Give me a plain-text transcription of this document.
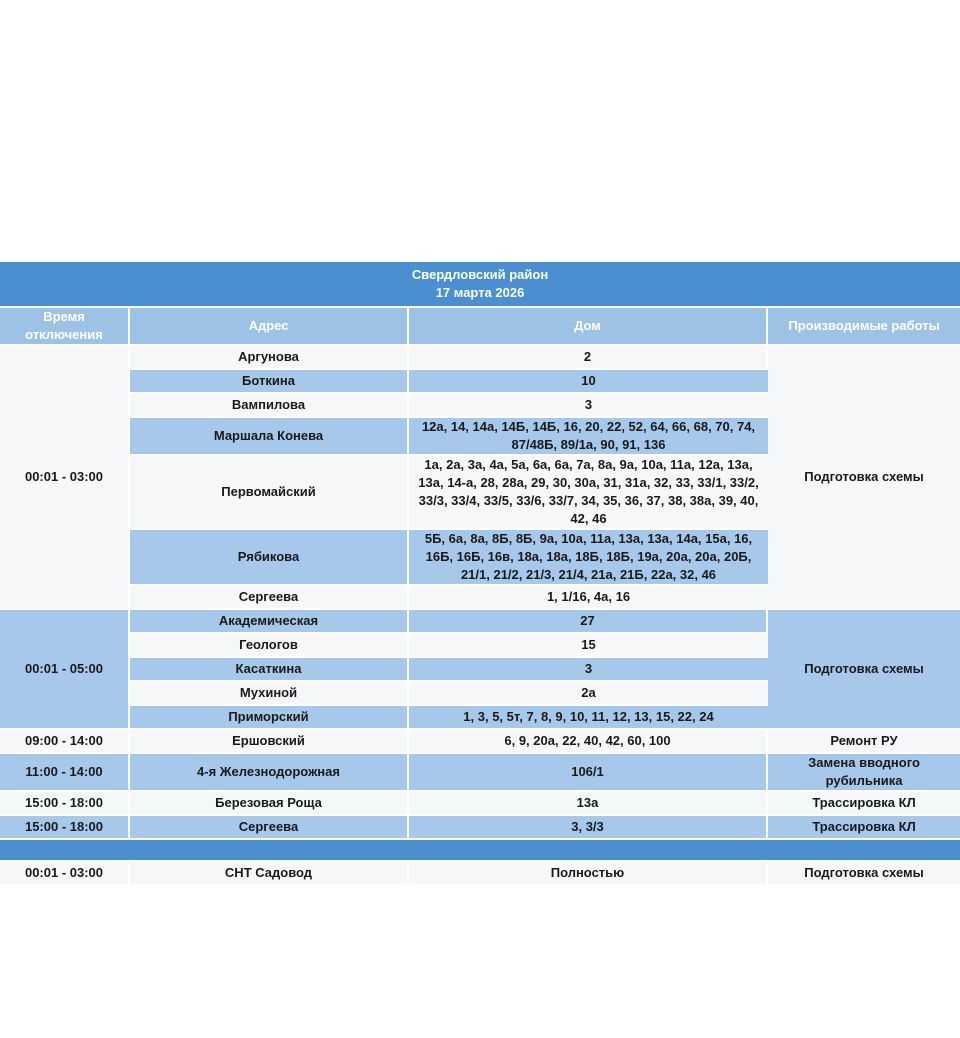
Свердловский район
17 марта 2026			

Время отключения	Адрес	Дом	Производимые работы
00:01 - 03:00	Аргунова	2	Подготовка схемы
	Боткина	10	
	Вампилова	3	
	Маршала Конева	12а, 14, 14а, 14Б, 14Б, 16, 20, 22, 52, 64, 66, 68, 70, 74, 87/48Б, 89/1а, 90, 91, 136	
	Первомайский	1а, 2а, 3а, 4а, 5а, 6а, 6а, 7а, 8а, 9а, 10а, 11а, 12а, 13а, 13а, 14-а, 28, 28а, 29, 30, 30а, 31, 31а, 32, 33, 33/1, 33/2, 33/3, 33/4, 33/5, 33/6, 33/7, 34, 35, 36, 37, 38, 38а, 39, 40, 42, 46	
	Рябикова	5Б, 6а, 8а, 8Б, 8Б, 9а, 10а, 11а, 13а, 13а, 14а, 15а, 16, 16Б, 16Б, 16в, 18а, 18а, 18Б, 18Б, 19а, 20а, 20а, 20Б, 21/1, 21/2, 21/3, 21/4, 21а, 21Б, 22а, 32, 46	
	Сергеева	1, 1/16, 4а, 16	
00:01 - 05:00	Академическая	27	Подготовка схемы
	Геологов	15	
	Касаткина	3	
	Мухиной	2а	
	Приморский	1, 3, 5, 5т, 7, 8, 9, 10, 11, 12, 13, 15, 22, 24	
09:00 - 14:00	Ершовский	6, 9, 20а, 22, 40, 42, 60, 100	Ремонт РУ
11:00 - 14:00	4-я Железнодорожная	106/1	Замена вводного рубильника
15:00 - 18:00	Березовая Роща	13а	Трассировка КЛ
15:00 - 18:00	Сергеева	3, 3/3	Трассировка КЛ

00:01 - 03:00	СНТ Садовод	Полностью	Подготовка схемы
